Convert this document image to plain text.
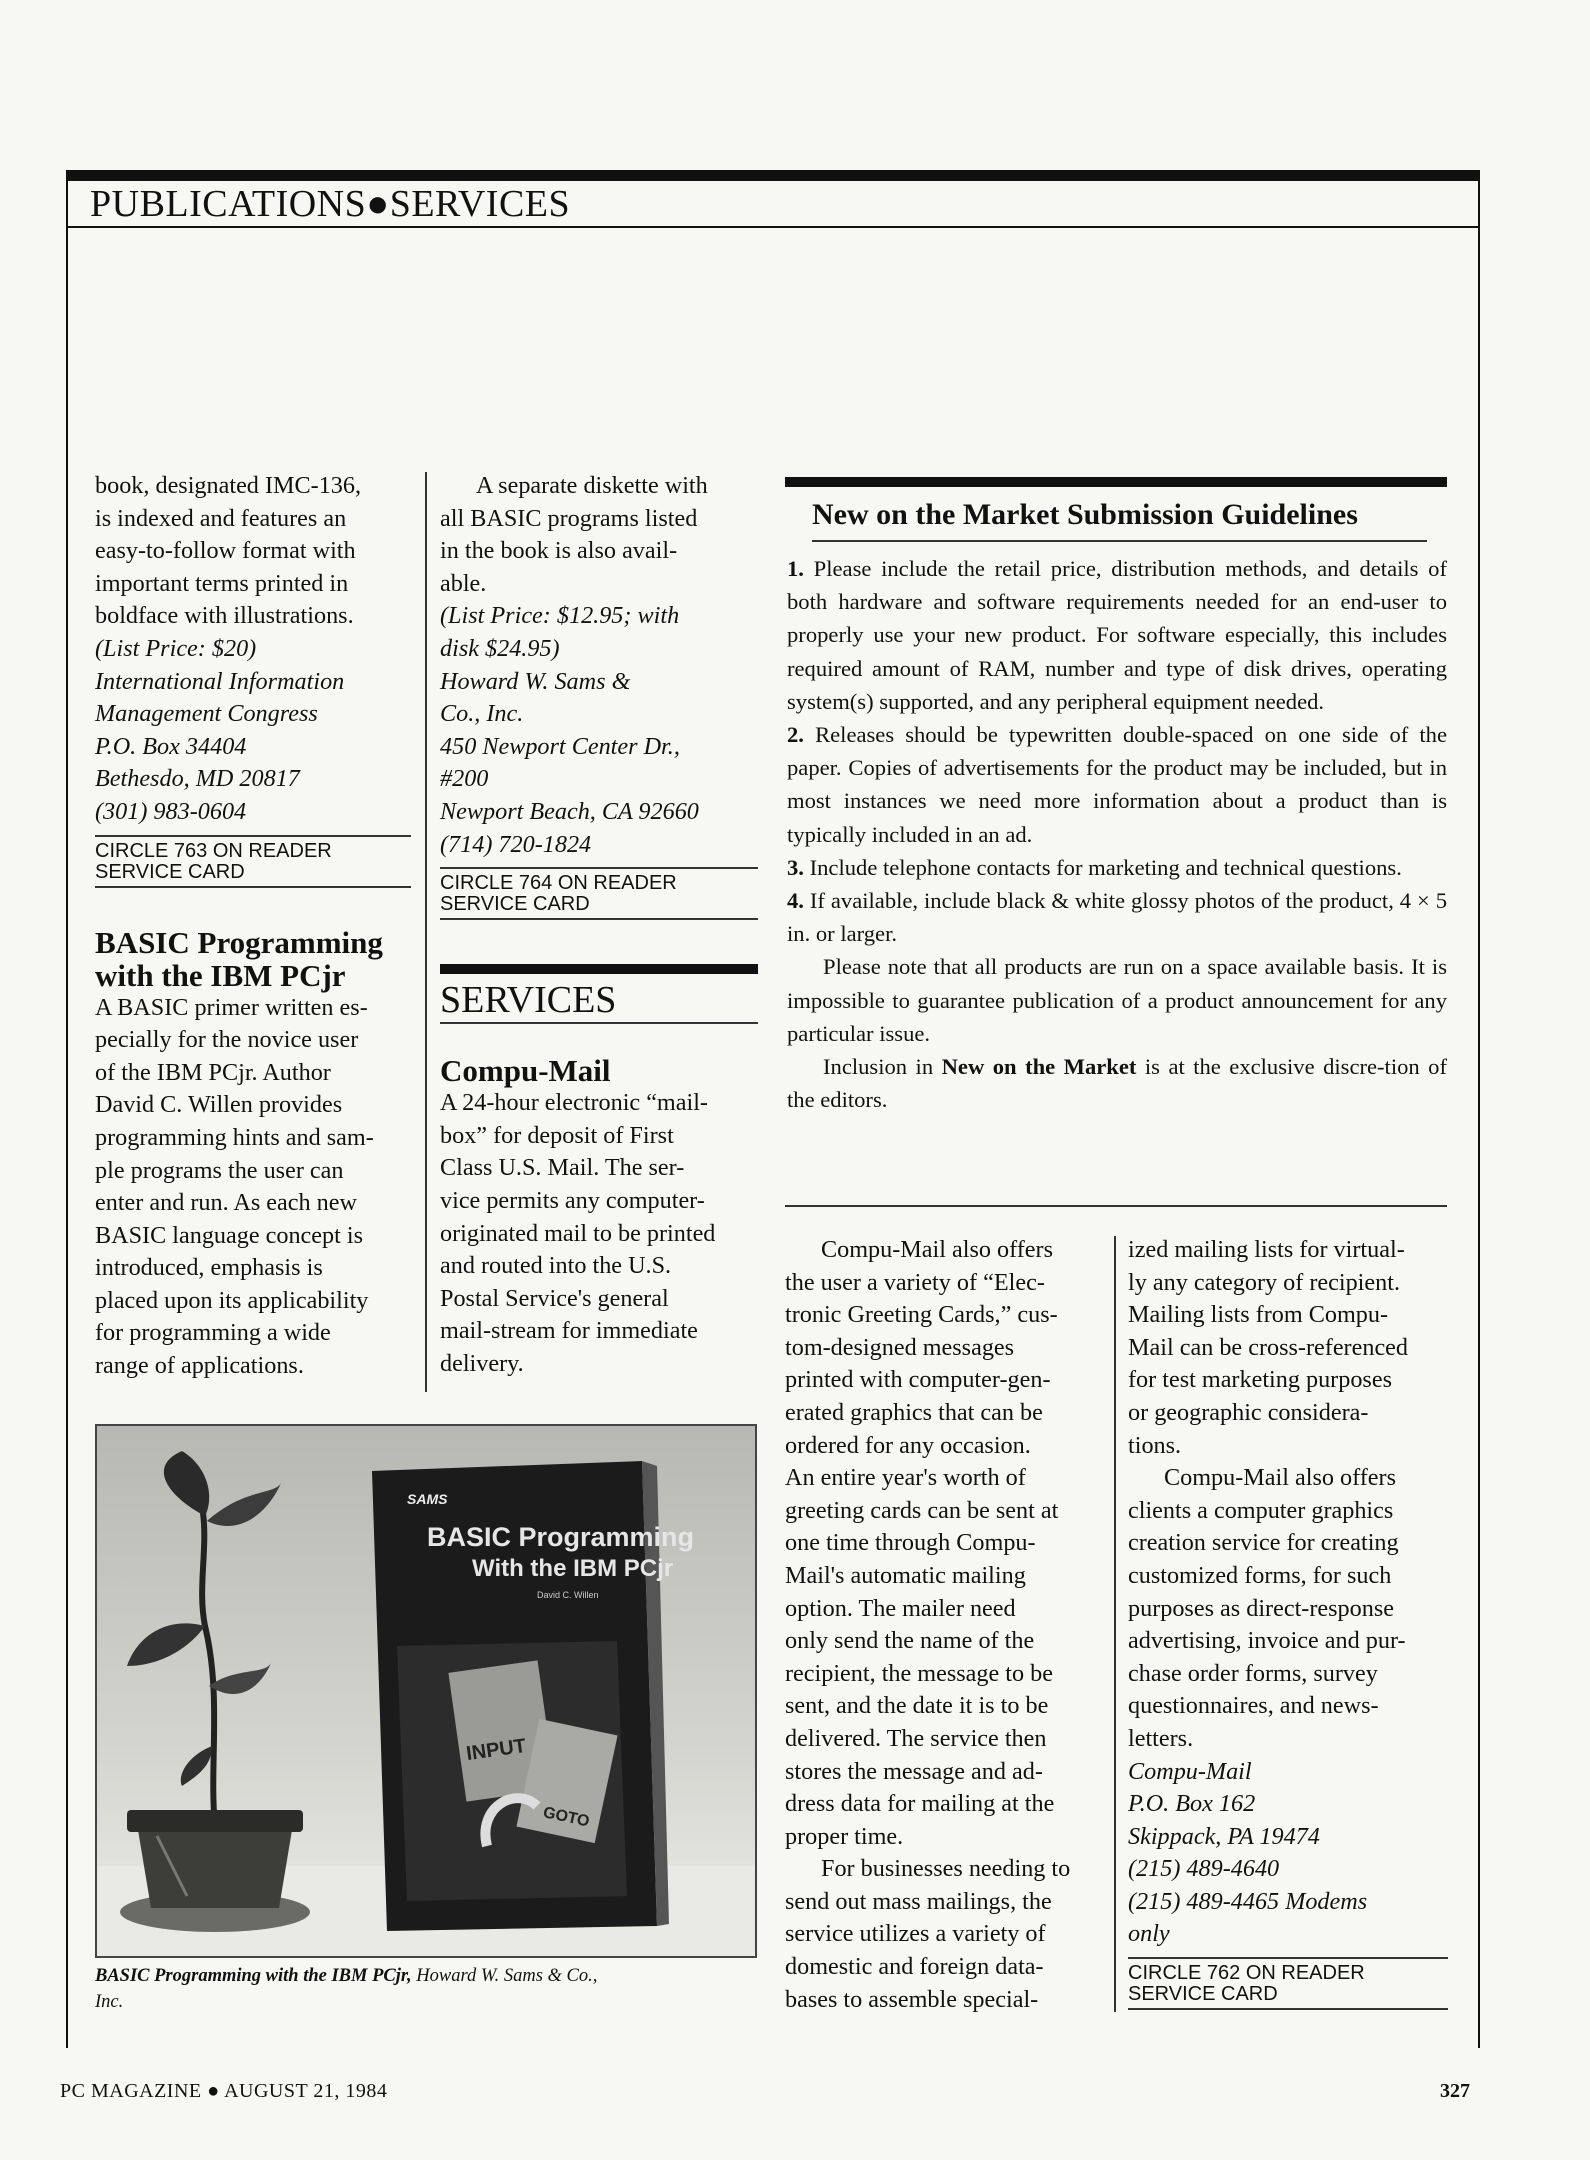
PUBLICATIONS●SERVICES

book, designated IMC-136,

is indexed and features an

easy-to-follow format with

important terms printed in

boldface with illustrations.

(List Price: $20)

International Information

Management Congress

P.O. Box 34404

Bethesdo, MD 20817

(301) 983-0604

CIRCLE 763 ON READER SERVICE CARD
BASIC Programming with the IBM PCjr

A BASIC primer written es-

pecially for the novice user

of the IBM PCjr. Author

David C. Willen provides

programming hints and sam-

ple programs the user can

enter and run. As each new

BASIC language concept is

introduced, emphasis is

placed upon its applicability

for programming a wide

range of applications.

A separate diskette with

all BASIC programs listed

in the book is also avail-

able.

(List Price: $12.95; with

disk $24.95)

Howard W. Sams &

Co., Inc.

450 Newport Center Dr.,

#200

Newport Beach, CA 92660

(714) 720-1824

CIRCLE 764 ON READER SERVICE CARD
SERVICES
Compu-Mail

A 24-hour electronic “mail-

box” for deposit of First

Class U.S. Mail. The ser-

vice permits any computer-

originated mail to be printed

and routed into the U.S.

Postal Service's general

mail-stream for immediate

delivery.

New on the Market Submission Guidelines

1. Please include the retail price, distribution methods, and details of both hardware and software requirements needed for an end-user to properly use your new product. For software especially, this includes required amount of RAM, number and type of disk drives, operating system(s) supported, and any peripheral equipment needed.

2. Releases should be typewritten double-spaced on one side of the paper. Copies of advertisements for the product may be included, but in most instances we need more information about a product than is typically included in an ad.

3. Include telephone contacts for marketing and technical questions.

4. If available, include black & white glossy photos of the product, 4 × 5 in. or larger.

Please note that all products are run on a space available basis. It is impossible to guarantee publication of a product announcement for any particular issue.

Inclusion in New on the Market is at the exclusive discre-tion of the editors.

Compu-Mail also offers

the user a variety of “Elec-

tronic Greeting Cards,” cus-

tom-designed messages

printed with computer-gen-

erated graphics that can be

ordered for any occasion.

An entire year's worth of

greeting cards can be sent at

one time through Compu-

Mail's automatic mailing

option. The mailer need

only send the name of the

recipient, the message to be

sent, and the date it is to be

delivered. The service then

stores the message and ad-

dress data for mailing at the

proper time.

For businesses needing to

send out mass mailings, the

service utilizes a variety of

domestic and foreign data-

bases to assemble special-

ized mailing lists for virtual-

ly any category of recipient.

Mailing lists from Compu-

Mail can be cross-referenced

for test marketing purposes

or geographic considera-

tions.

Compu-Mail also offers

clients a computer graphics

creation service for creating

customized forms, for such

purposes as direct-response

advertising, invoice and pur-

chase order forms, survey

questionnaires, and news-

letters.

Compu-Mail

P.O. Box 162

Skippack, PA 19474

(215) 489-4640

(215) 489-4465 Modems

only

CIRCLE 762 ON READER SERVICE CARD
SAMS
BASIC Programming
With the IBM PCjr
David C. Willen
INPUT
GOTO
BASIC Programming with the IBM PCjr, Howard W. Sams & Co., Inc.
PC MAGAZINE ● AUGUST 21, 1984	327
